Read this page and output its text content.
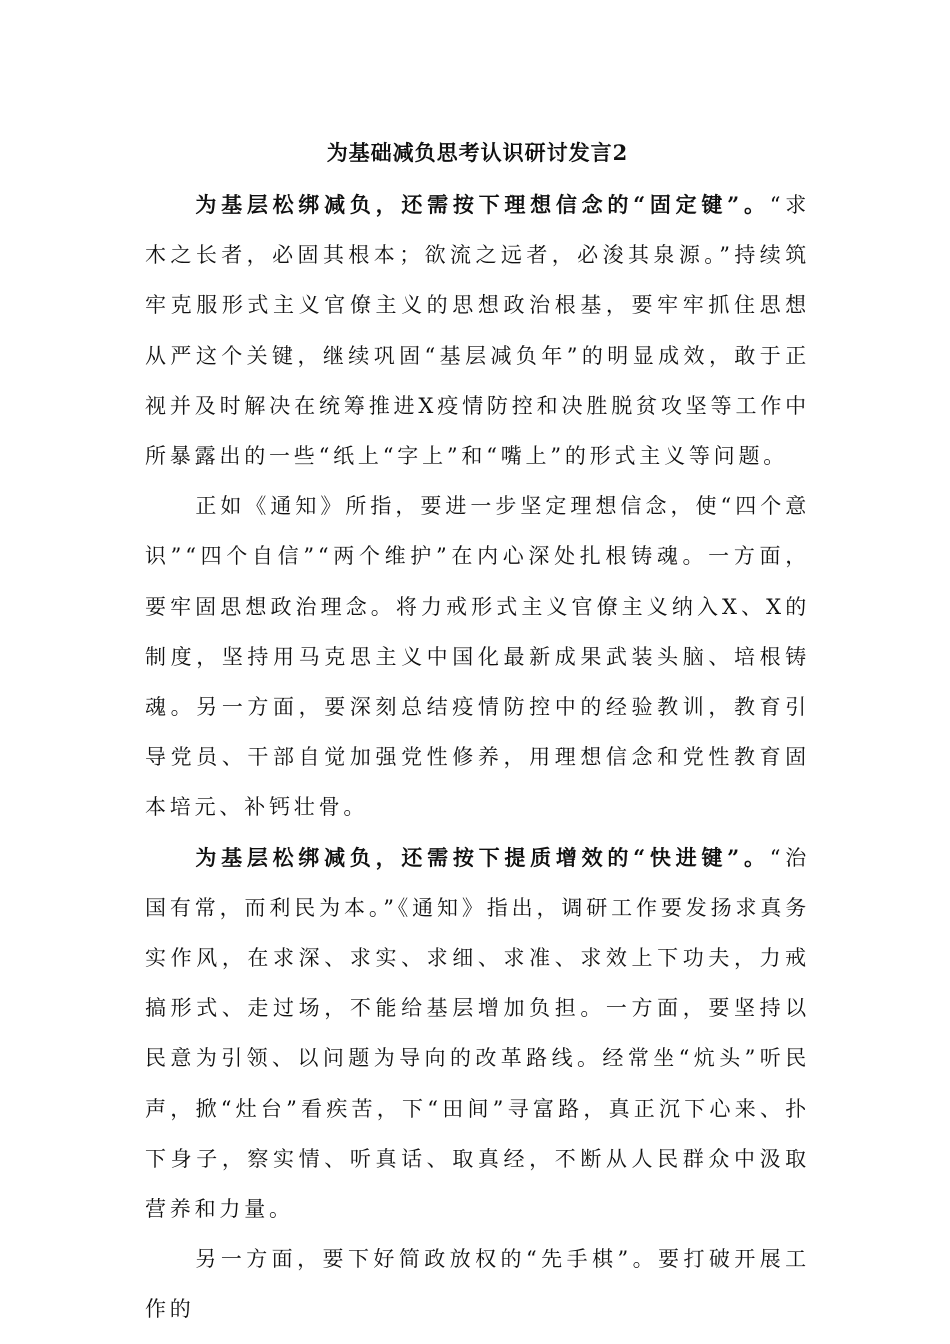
为基础减负思考认识研讨发言2

为基层松绑减负，还需按下理想信念的“固定键”。“求木之长者，必固其根本；欲流之远者，必浚其泉源。”持续筑牢克服形式主义官僚主义的思想政治根基，要牢牢抓住思想从严这个关键，继续巩固“基层减负年”的明显成效，敢于正视并及时解决在统筹推进X疫情防控和决胜脱贫攻坚等工作中所暴露出的一些“纸上“字上”和“嘴上”的形式主义等问题。

正如《通知》所指，要进一步坚定理想信念，使“四个意识”“四个自信”“两个维护”在内心深处扎根铸魂。一方面，要牢固思想政治理念。将力戒形式主义官僚主义纳入X、X的制度，坚持用马克思主义中国化最新成果武装头脑、培根铸魂。另一方面，要深刻总结疫情防控中的经验教训，教育引导党员、干部自觉加强党性修养，用理想信念和党性教育固本培元、补钙壮骨。

为基层松绑减负，还需按下提质增效的“快进键”。“治国有常，而利民为本。”《通知》指出，调研工作要发扬求真务实作风，在求深、求实、求细、求准、求效上下功夫，力戒搞形式、走过场，不能给基层增加负担。一方面，要坚持以民意为引领、以问题为导向的改革路线。经常坐“炕头”听民声，掀“灶台”看疾苦，下“田间”寻富路，真正沉下心来、扑下身子，察实情、听真话、取真经，不断从人民群众中汲取营养和力量。

另一方面，要下好简政放权的“先手棋”。要打破开展工作的
